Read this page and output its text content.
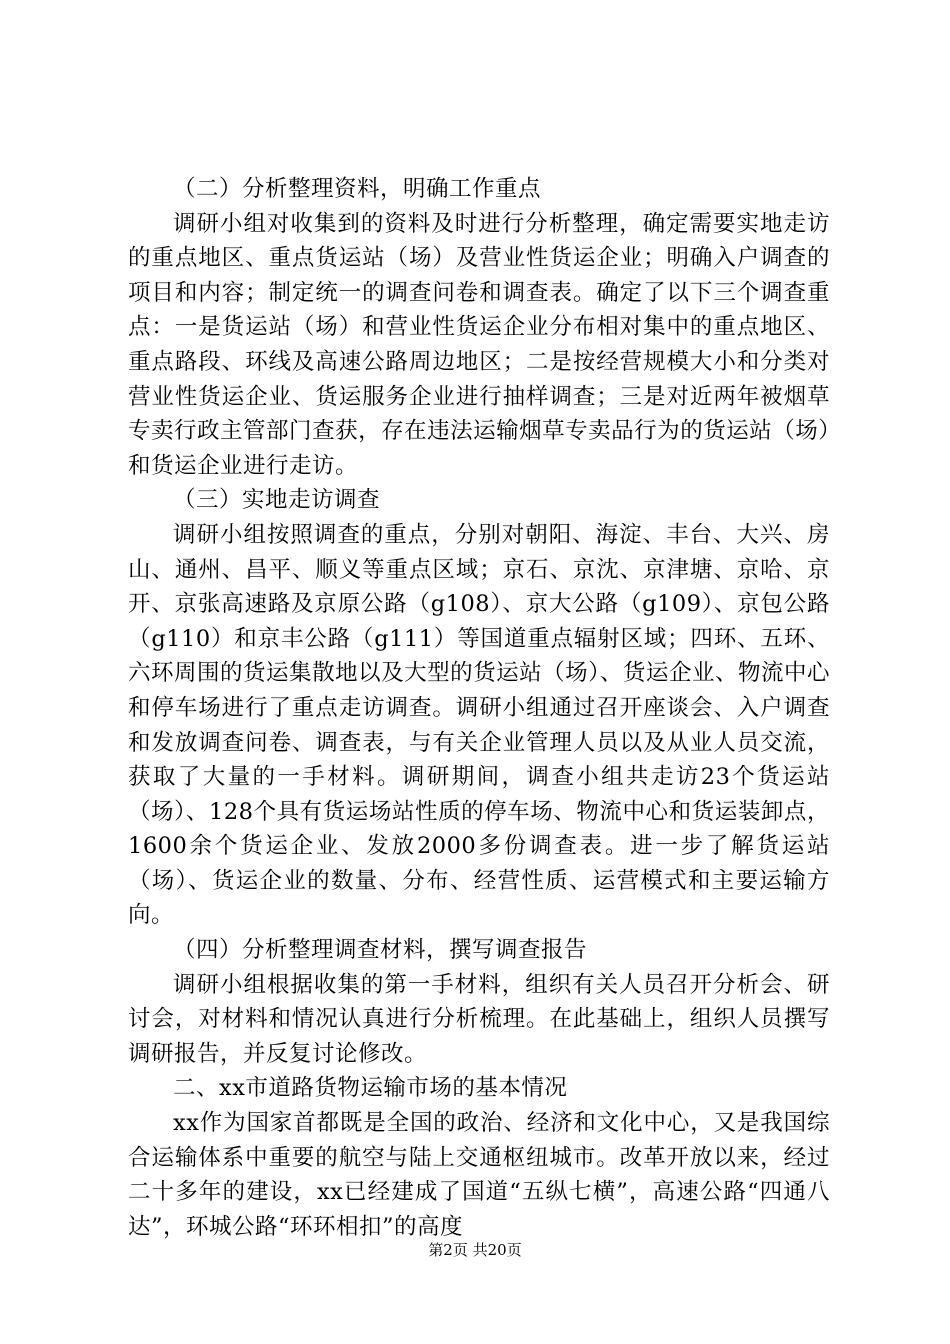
（二）分析整理资料，明确工作重点

调研小组对收集到的资料及时进行分析整理，确定需要实地走访的重点地区、重点货运站（场）及营业性货运企业；明确入户调查的项目和内容；制定统一的调查问卷和调查表。确定了以下三个调查重点：一是货运站（场）和营业性货运企业分布相对集中的重点地区、重点路段、环线及高速公路周边地区；二是按经营规模大小和分类对营业性货运企业、货运服务企业进行抽样调查；三是对近两年被烟草专卖行政主管部门查获，存在违法运输烟草专卖品行为的货运站（场）和货运企业进行走访。

（三）实地走访调查

调研小组按照调查的重点，分别对朝阳、海淀、丰台、大兴、房山、通州、昌平、顺义等重点区域；京石、京沈、京津塘、京哈、京开、京张高速路及京原公路（g108）、京大公路（g109）、京包公路（g110）和京丰公路（g111）等国道重点辐射区域；四环、五环、六环周围的货运集散地以及大型的货运站（场）、货运企业、物流中心和停车场进行了重点走访调查。调研小组通过召开座谈会、入户调查和发放调查问卷、调查表，与有关企业管理人员以及从业人员交流，获取了大量的一手材料。调研期间，调查小组共走访23个货运站（场）、128个具有货运场站性质的停车场、物流中心和货运装卸点，1600余个货运企业、发放2000多份调查表。进一步了解货运站（场）、货运企业的数量、分布、经营性质、运营模式和主要运输方向。

（四）分析整理调查材料，撰写调查报告

调研小组根据收集的第一手材料，组织有关人员召开分析会、研讨会，对材料和情况认真进行分析梳理。在此基础上，组织人员撰写调研报告，并反复讨论修改。

二、xx市道路货物运输市场的基本情况

xx作为国家首都既是全国的政治、经济和文化中心，又是我国综合运输体系中重要的航空与陆上交通枢纽城市。改革开放以来，经过二十多年的建设，xx已经建成了国道“五纵七横”，高速公路“四通八达”，环城公路“环环相扣”的高度

第2页 共20页
